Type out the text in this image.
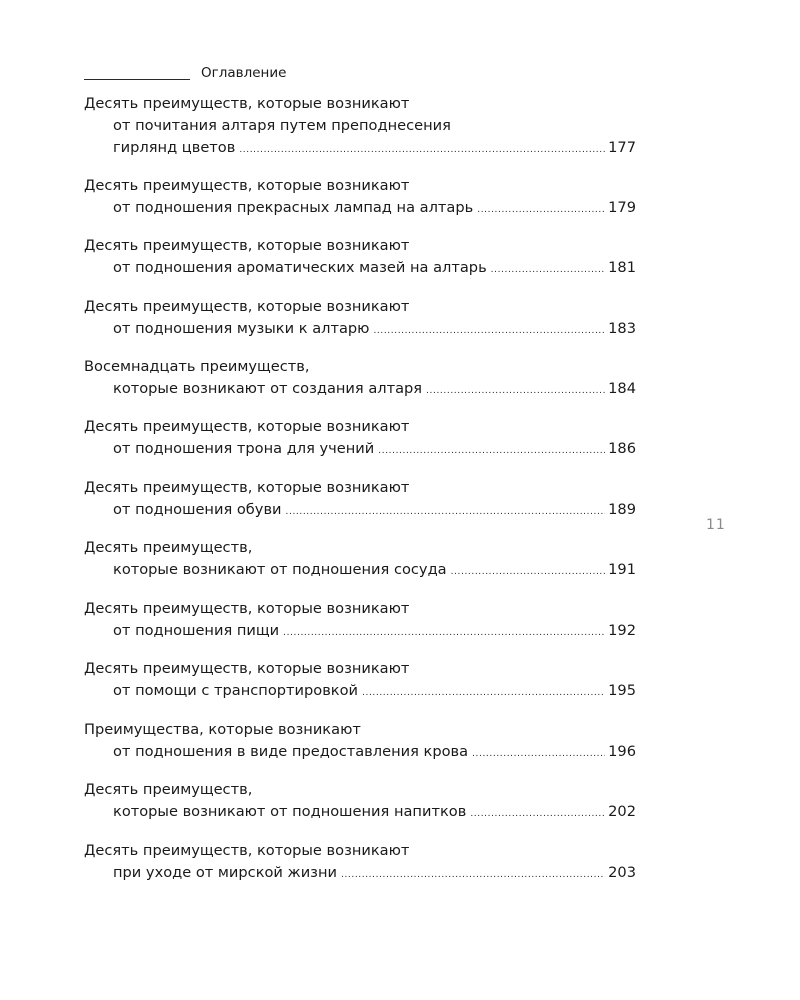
Оглавление
Десять преимуществ, которые возникают
от почитания алтаря путем преподнесения
гирлянд цветов .....	177
Десять преимуществ, которые возникают
от подношения прекрасных лампад на алтарь .....	179
Десять преимуществ, которые возникают
от подношения ароматических мазей на алтарь .....	181
Десять преимуществ, которые возникают
от подношения музыки к алтарю .....	183
Восемнадцать преимуществ,
которые возникают от создания алтаря .....	184
Десять преимуществ, которые возникают
от подношения трона для учений .....	186
Десять преимуществ, которые возникают
от подношения обуви .....	189
Десять преимуществ,
которые возникают от подношения сосуда .....	191
Десять преимуществ, которые возникают
от подношения пищи .....	192
Десять преимуществ, которые возникают
от помощи с транспортировкой .....	195
Преимущества, которые возникают
от подношения в виде предоставления крова .....	196
Десять преимуществ,
которые возникают от подношения напитков .....	202
Десять преимуществ, которые возникают
при уходе от мирской жизни .....	203
11
